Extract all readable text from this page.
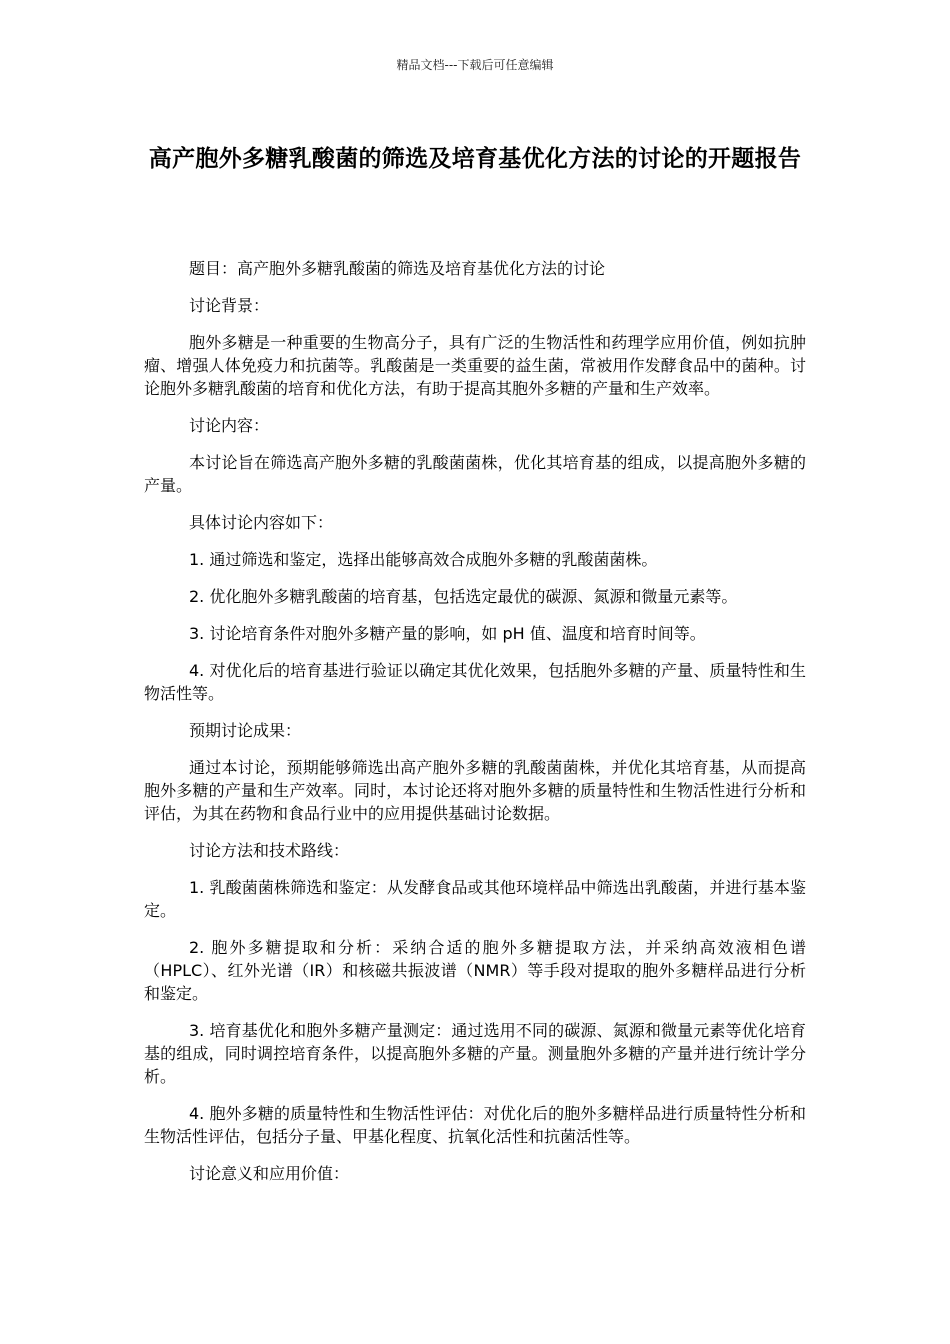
精品文档---下载后可任意编辑
高产胞外多糖乳酸菌的筛选及培育基优化方法的讨论的开题报告

题目：高产胞外多糖乳酸菌的筛选及培育基优化方法的讨论

讨论背景：

胞外多糖是一种重要的生物高分子，具有广泛的生物活性和药理学应用价值，例如抗肿瘤、增强人体免疫力和抗菌等。乳酸菌是一类重要的益生菌，常被用作发酵食品中的菌种。讨论胞外多糖乳酸菌的培育和优化方法，有助于提高其胞外多糖的产量和生产效率。

讨论内容：

本讨论旨在筛选高产胞外多糖的乳酸菌菌株，优化其培育基的组成，以提高胞外多糖的产量。

具体讨论内容如下：

1. 通过筛选和鉴定，选择出能够高效合成胞外多糖的乳酸菌菌株。

2. 优化胞外多糖乳酸菌的培育基，包括选定最优的碳源、氮源和微量元素等。

3. 讨论培育条件对胞外多糖产量的影响，如 pH 值、温度和培育时间等。

4. 对优化后的培育基进行验证以确定其优化效果，包括胞外多糖的产量、质量特性和生物活性等。

预期讨论成果：

通过本讨论，预期能够筛选出高产胞外多糖的乳酸菌菌株，并优化其培育基，从而提高胞外多糖的产量和生产效率。同时，本讨论还将对胞外多糖的质量特性和生物活性进行分析和评估，为其在药物和食品行业中的应用提供基础讨论数据。

讨论方法和技术路线：

1. 乳酸菌菌株筛选和鉴定：从发酵食品或其他环境样品中筛选出乳酸菌，并进行基本鉴定。

2. 胞外多糖提取和分析：采纳合适的胞外多糖提取方法，并采纳高效液相色谱（HPLC）、红外光谱（IR）和核磁共振波谱（NMR）等手段对提取的胞外多糖样品进行分析和鉴定。

3. 培育基优化和胞外多糖产量测定：通过选用不同的碳源、氮源和微量元素等优化培育基的组成，同时调控培育条件，以提高胞外多糖的产量。测量胞外多糖的产量并进行统计学分析。

4. 胞外多糖的质量特性和生物活性评估：对优化后的胞外多糖样品进行质量特性分析和生物活性评估，包括分子量、甲基化程度、抗氧化活性和抗菌活性等。

讨论意义和应用价值：
